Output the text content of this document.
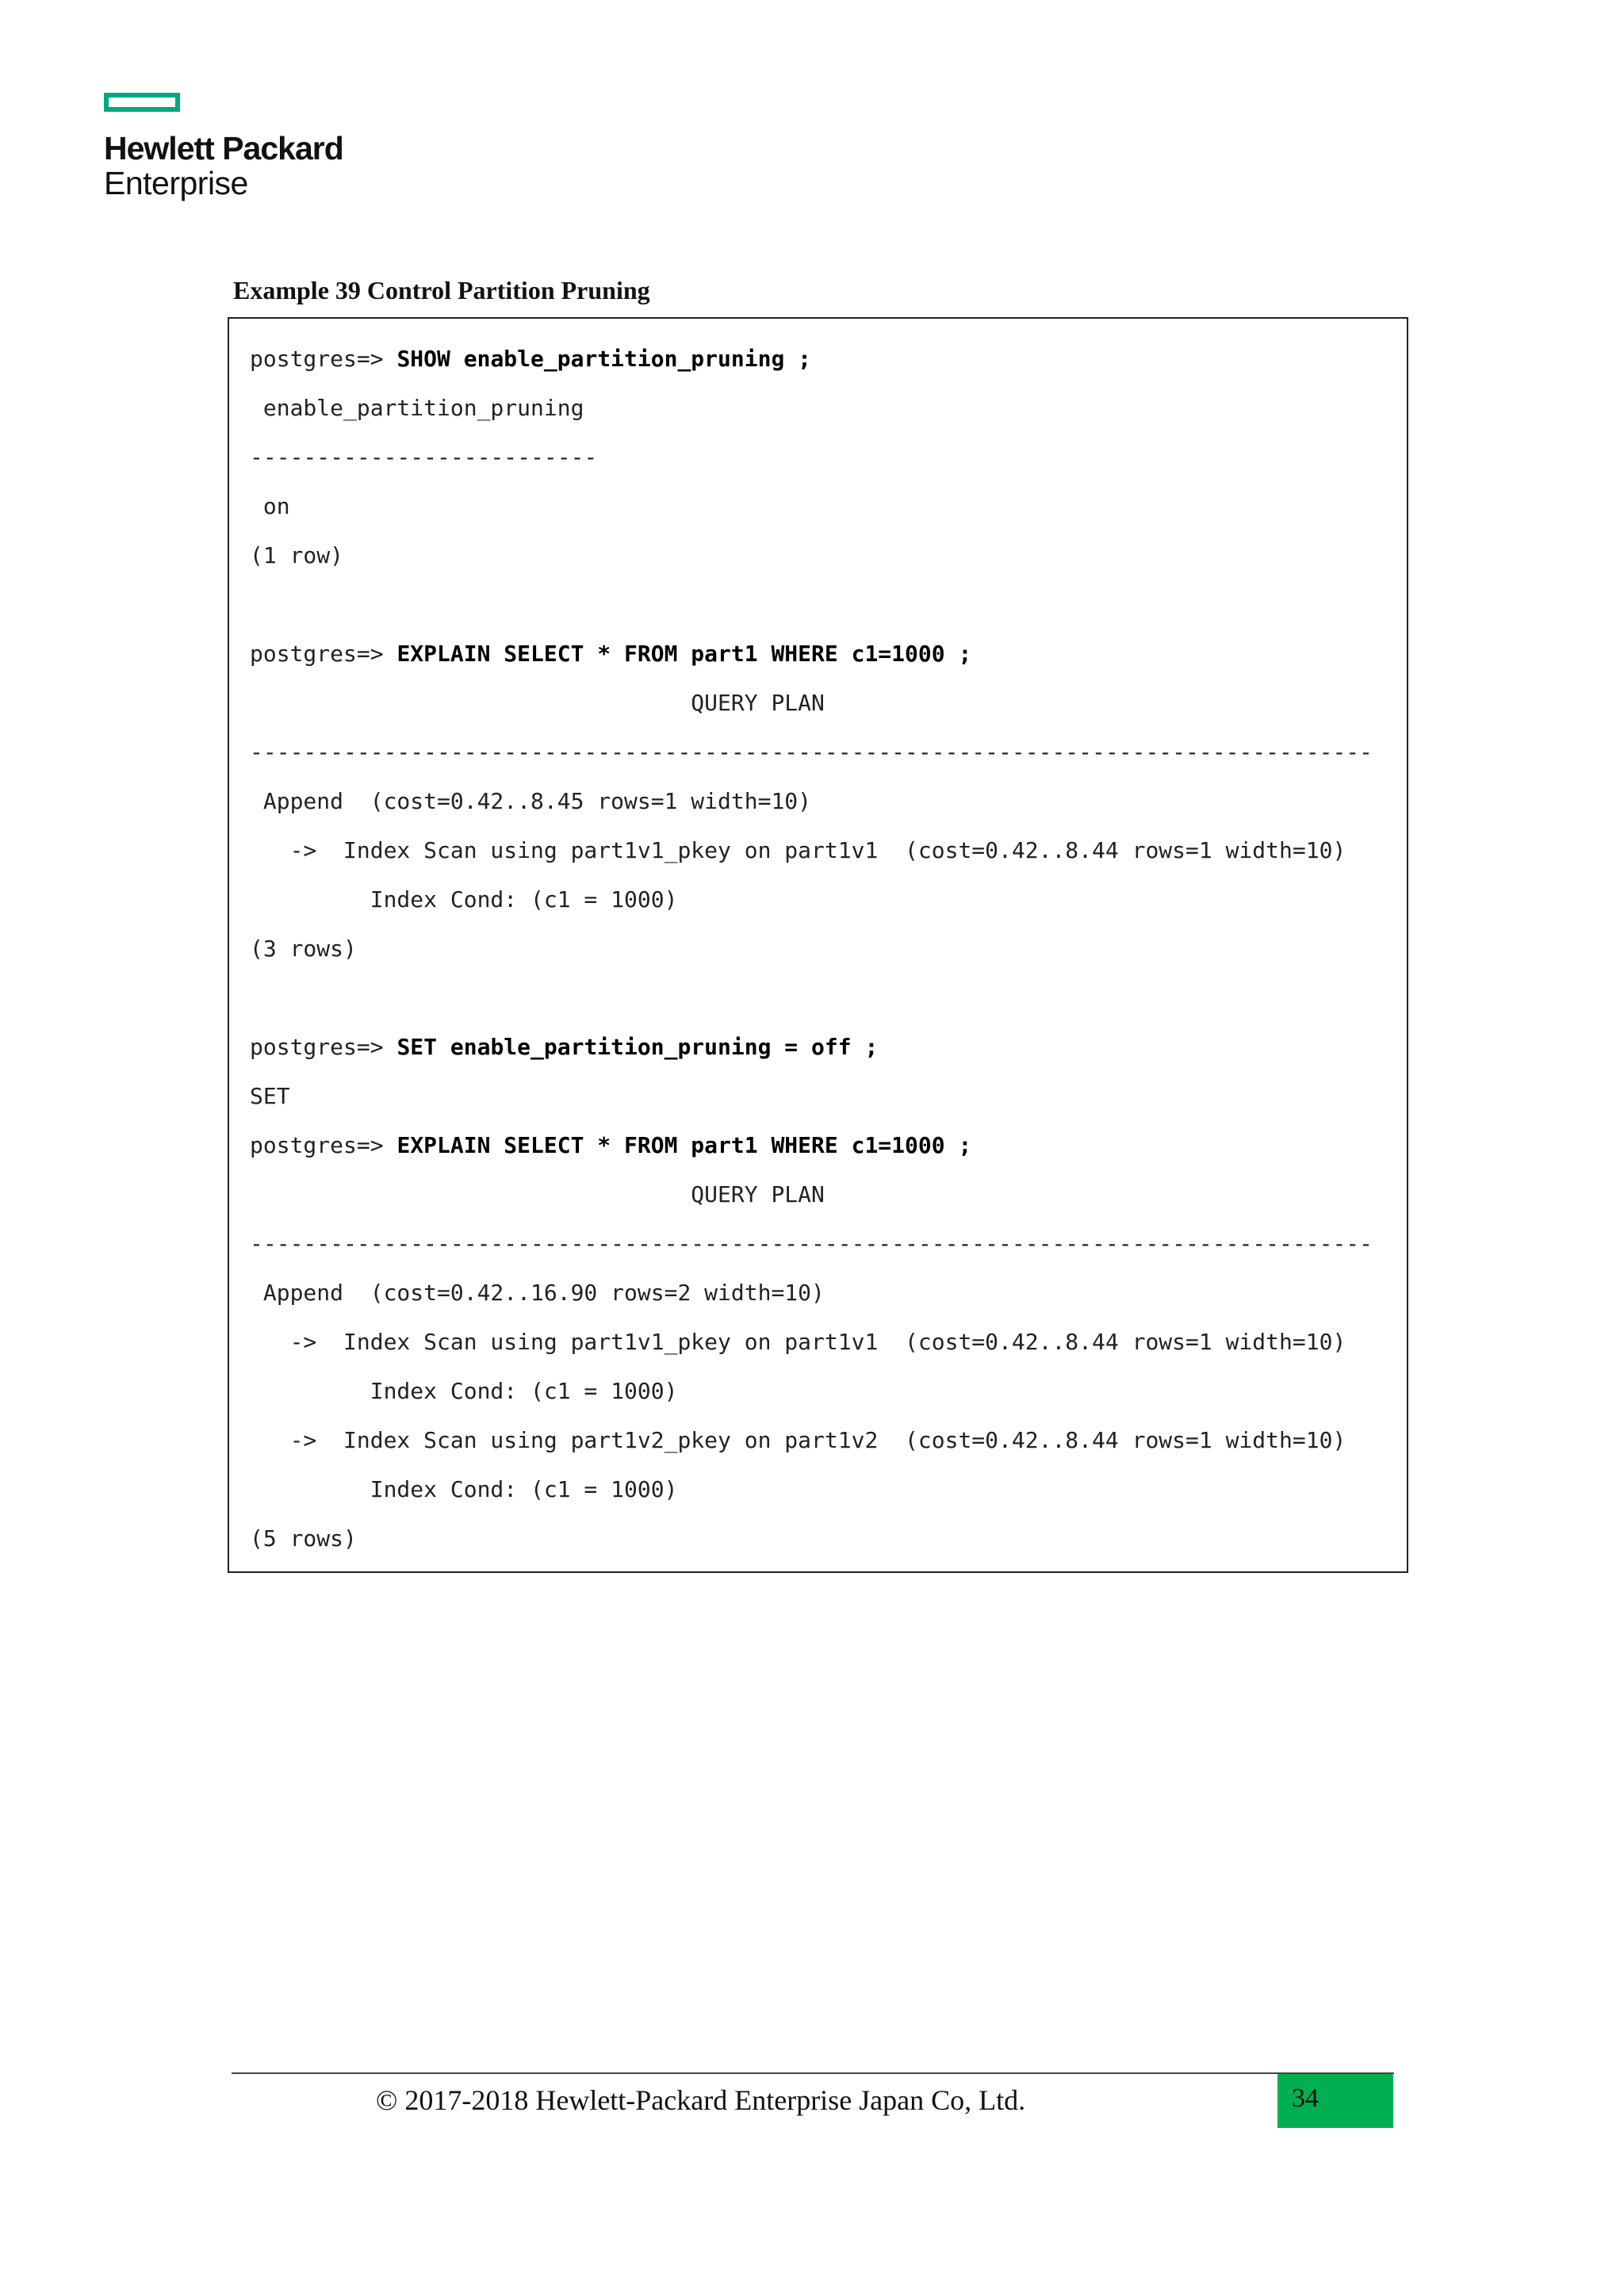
Hewlett Packard
Enterprise
Example 39 Control Partition Pruning
postgres=> SHOW enable_partition_pruning ;
enable_partition_pruning
--------------------------
on
(1 row)
postgres=> EXPLAIN SELECT * FROM part1 WHERE c1=1000 ;
QUERY PLAN
------------------------------------------------------------------------------------
Append  (cost=0.42..8.45 rows=1 width=10)
->  Index Scan using part1v1_pkey on part1v1  (cost=0.42..8.44 rows=1 width=10)
Index Cond: (c1 = 1000)
(3 rows)
postgres=> SET enable_partition_pruning = off ;
SET
postgres=> EXPLAIN SELECT * FROM part1 WHERE c1=1000 ;
QUERY PLAN
------------------------------------------------------------------------------------
Append  (cost=0.42..16.90 rows=2 width=10)
->  Index Scan using part1v1_pkey on part1v1  (cost=0.42..8.44 rows=1 width=10)
Index Cond: (c1 = 1000)
->  Index Scan using part1v2_pkey on part1v2  (cost=0.42..8.44 rows=1 width=10)
Index Cond: (c1 = 1000)
(5 rows)
© 2017-2018 Hewlett-Packard Enterprise Japan Co, Ltd.	34
